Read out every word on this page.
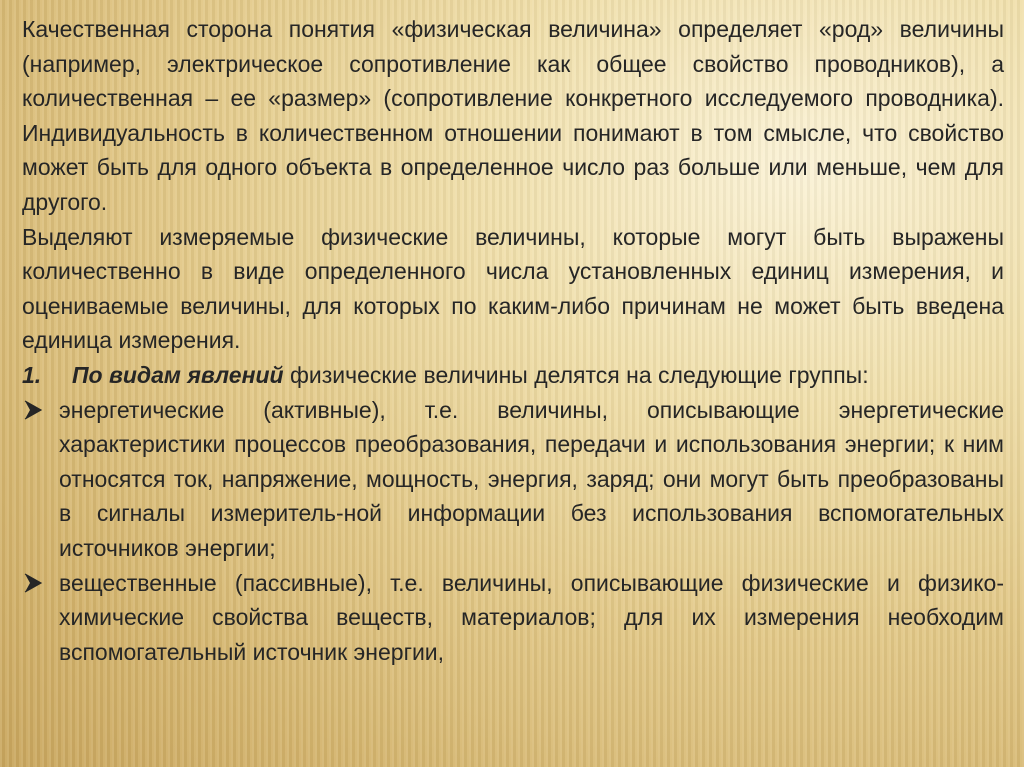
Качественная сторона понятия «физическая величина» определяет «род» величины (например, электрическое сопротивление как общее свойство проводников), а количественная – ее «размер» (сопротивление конкретного исследуемого проводника). Индивидуальность в количественном отношении понимают в том смысле, что свойство может быть для одного объекта в определенное число раз больше или меньше, чем для другого.

Выделяют измеряемые физические величины, которые могут быть выражены количественно в виде определенного числа установленных единиц измерения, и оцениваемые величины, для которых по каким-либо причинам не может быть введена единица измерения.

1. По видам явлений физические величины делятся на следующие группы:
энергетические (активные), т.е. величины, описывающие энергетические характеристики процессов преобразования, передачи и использования энергии; к ним относятся ток, напряжение, мощность, энергия, заряд; они могут быть преобразованы в сигналы измеритель-ной информации без использования вспомогательных источников энергии;
вещественные (пассивные), т.е. величины, описывающие физические и физико-химические свойства веществ, материалов; для их измерения необходим вспомогательный источник энергии,
